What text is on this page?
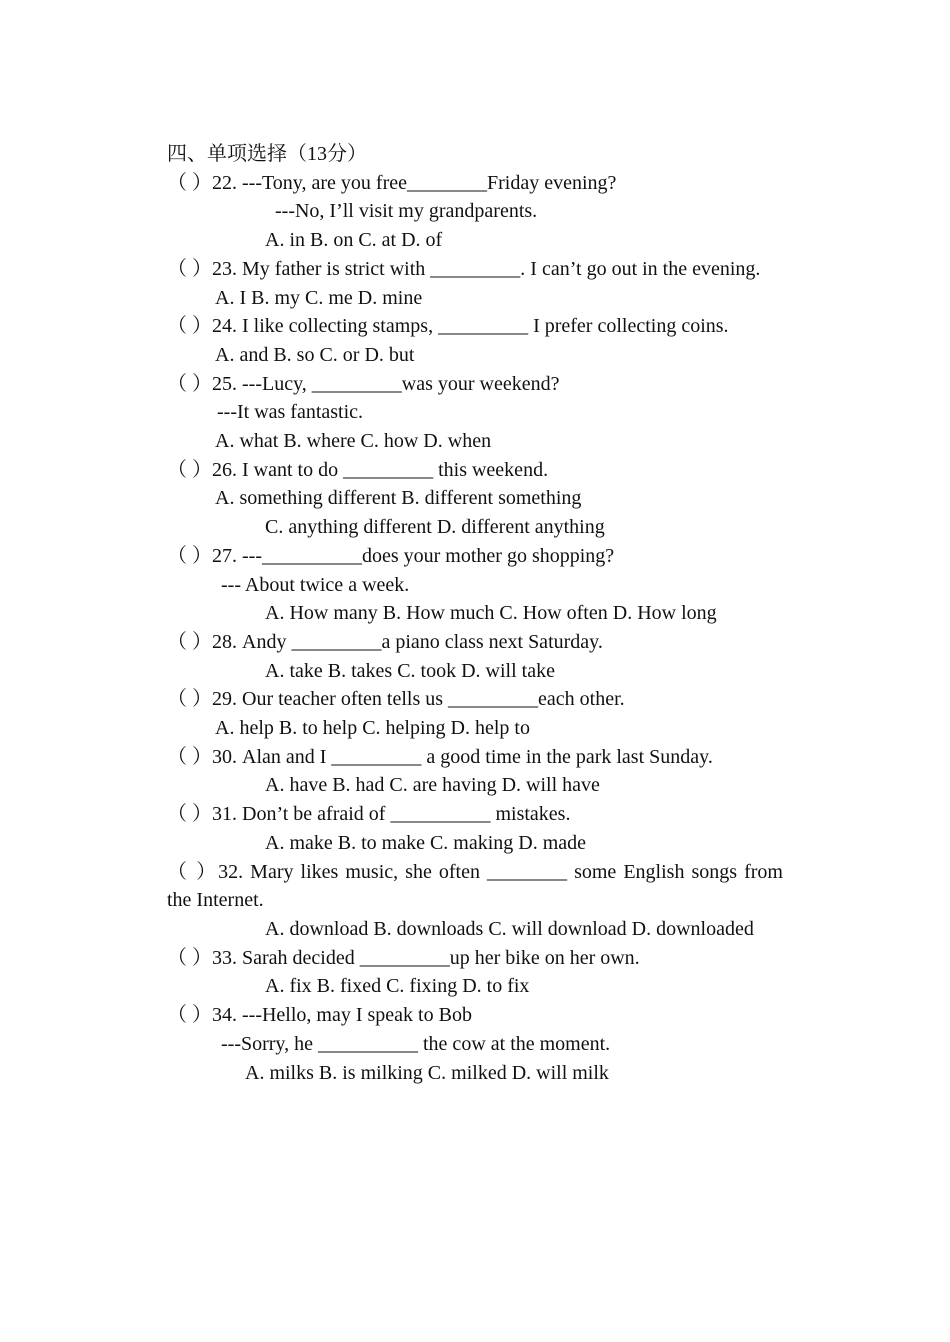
四、单项选择（13分）
（ ）22. ---Tony, are you free________Friday evening?
---No, I’ll visit my grandparents.
A. in B. on C. at D. of
（ ）23. My father is strict with _________. I can’t go out in the evening.
A. I B. my C. me D. mine
（ ）24. I like collecting stamps, _________ I prefer collecting coins.
A. and B. so C. or D. but
（ ）25. ---Lucy, _________was your weekend?
---It was fantastic.
A. what B. where C. how D. when
（ ）26. I want to do _________ this weekend.
A. something different B. different something
C. anything different D. different anything
（ ）27. ---__________does your mother go shopping?
--- About twice a week.
A. How many B. How much C. How often D. How long
（ ）28. Andy _________a piano class next Saturday.
A. take B. takes C. took D. will take
（ ）29. Our teacher often tells us _________each other.
A. help B. to help C. helping D. help to
（ ）30. Alan and I _________ a good time in the park last Sunday.
A. have B. had C. are having D. will have
（ ）31. Don’t be afraid of __________ mistakes.
A. make B. to make C. making D. made
（ ）32. Mary likes music, she often ________ some English songs from the Internet.
A. download B. downloads C. will download D. downloaded
（ ）33. Sarah decided _________up her bike on her own.
A. fix B. fixed C. fixing D. to fix
（ ）34. ---Hello, may I speak to Bob
---Sorry, he __________ the cow at the moment.
A. milks B. is milking C. milked D. will milk
